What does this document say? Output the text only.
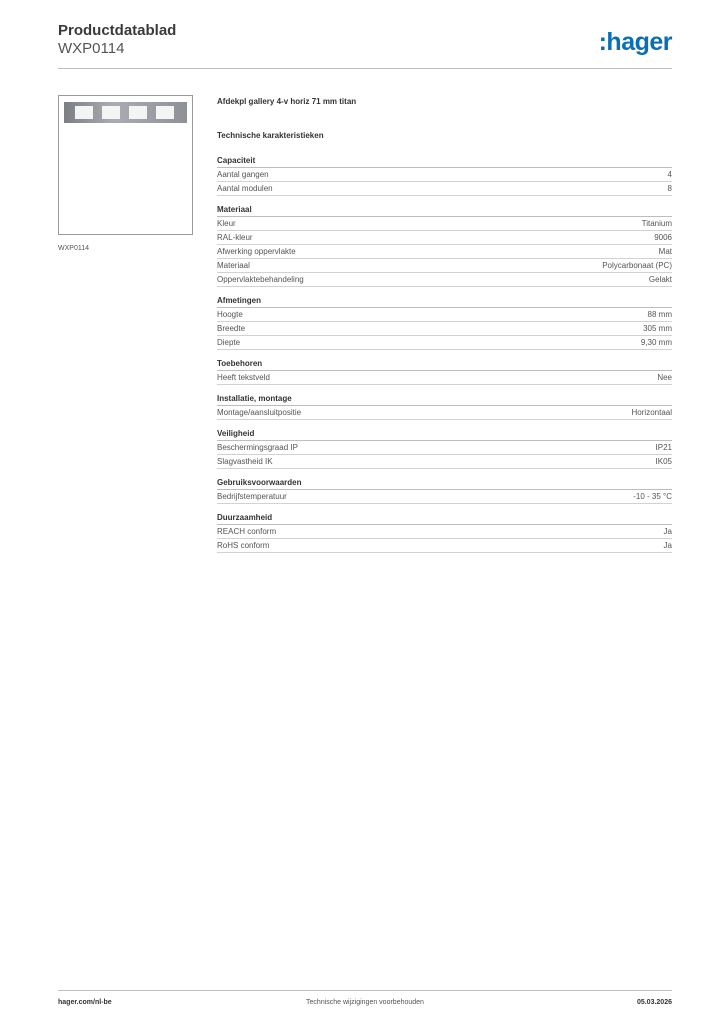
Productdatablad
WXP0114	:hager
WXP0114
Afdekpl gallery 4-v horiz 71 mm titan
Technische karakteristieken
Capaciteit
Aantal gangen	4
Aantal modulen	8
Materiaal
Kleur	Titanium
RAL-kleur	9006
Afwerking oppervlakte	Mat
Materiaal	Polycarbonaat (PC)
Oppervlaktebehandeling	Gelakt
Afmetingen
Hoogte	88 mm
Breedte	305 mm
Diepte	9,30 mm
Toebehoren
Heeft tekstveld	Nee
Installatie, montage
Montage/aansluitpositie	Horizontaal
Veiligheid
Beschermingsgraad IP	IP21
Slagvastheid IK	IK05
Gebruiksvoorwaarden
Bedrijfstemperatuur	-10 - 35 °C
Duurzaamheid
REACH conform	Ja
RoHS conform	Ja
hager.com/nl-be	Technische wijzigingen voorbehouden	05.03.2026
